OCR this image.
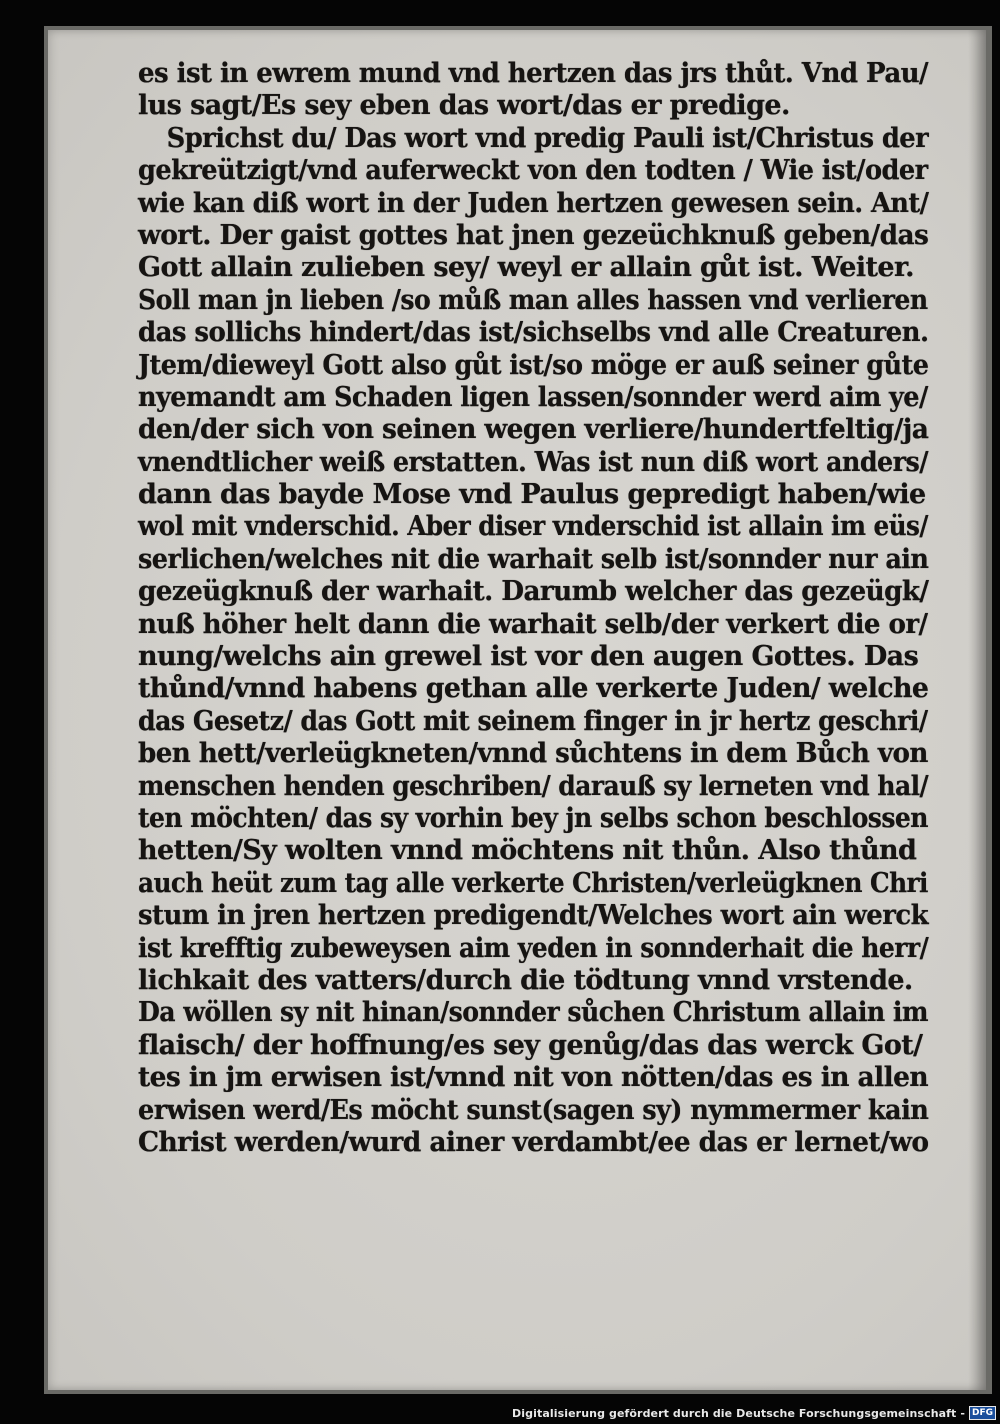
es ist in ewrem mund vnd hertzen das jrs thůt. Vnd Pau/
lus sagt/Es sey eben das wort/das er predige.
Sprichst du/ Das wort vnd predig Pauli ist/Christus der
gekreützigt/vnd auferweckt von den todten / Wie ist/oder
wie kan diß wort in der Juden hertzen gewesen sein. Ant/
wort. Der gaist gottes hat jnen gezeüchknuß geben/das
Gott allain zulieben sey/ weyl er allain gůt ist. Weiter.
Soll man jn lieben /so můß man alles hassen vnd verlieren
das sollichs hindert/das ist/sichselbs vnd alle Creaturen.
Jtem/dieweyl Gott also gůt ist/so möge er auß seiner gůte
nyemandt am Schaden ligen lassen/sonnder werd aim ye/
den/der sich von seinen wegen verliere/hundertfeltig/ja
vnendtlicher weiß erstatten. Was ist nun diß wort anders/
dann das bayde Mose vnd Paulus gepredigt haben/wie
wol mit vnderschid. Aber diser vnderschid ist allain im eüs/
serlichen/welches nit die warhait selb ist/sonnder nur ain
gezeügknuß der warhait. Darumb welcher das gezeügk/
nuß höher helt dann die warhait selb/der verkert die or/
nung/welchs ain grewel ist vor den augen Gottes. Das
thůnd/vnnd habens gethan alle verkerte Juden/ welche
das Gesetz/ das Gott mit seinem finger in jr hertz geschri/
ben hett/verleügkneten/vnnd sůchtens in dem Bůch von
menschen henden geschriben/ darauß sy lerneten vnd hal/
ten möchten/ das sy vorhin bey jn selbs schon beschlossen
hetten/Sy wolten vnnd möchtens nit thůn. Also thůnd
auch heüt zum tag alle verkerte Christen/verleügknen Chri
stum in jren hertzen predigendt/Welches wort ain werck
ist krefftig zubeweysen aim yeden in sonnderhait die herr/
lichkait des vatters/durch die tödtung vnnd vrstende.
Da wöllen sy nit hinan/sonnder sůchen Christum allain im
flaisch/ der hoffnung/es sey genůg/das das werck Got/
tes in jm erwisen ist/vnnd nit von nötten/das es in allen
erwisen werd/Es möcht sunst(sagen sy) nymmermer kain
Christ werden/wurd ainer verdambt/ee das er lernet/wo
Digitalisierung gefördert durch die Deutsche Forschungsgemeinschaft - DFG
